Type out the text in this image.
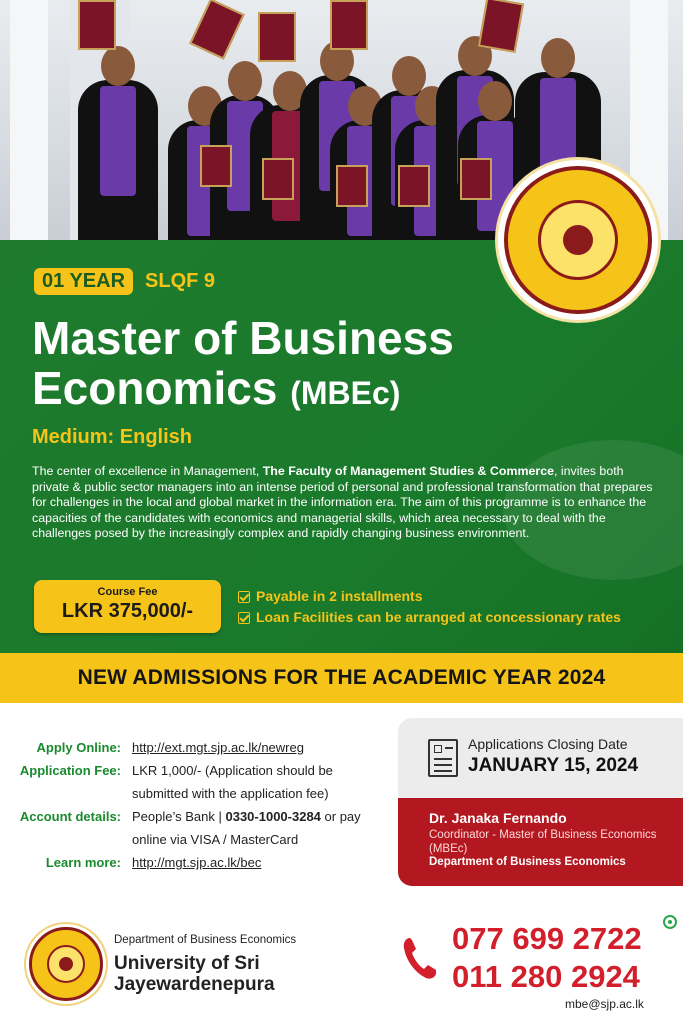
01 YEAR	SLQF 9
Master of Business
Economics (MBEc)
Medium: English
The center of excellence in Management, The Faculty of Management Studies & Commerce, invites both private & public sector managers into an intense period of personal and professional transformation that prepares for challenges in the local and global market in the information era. The aim of this programme is to enhance the capacities of the candidates with economics and managerial skills, which area necessary to deal with the challenges posed by the increasingly complex and rapidly changing business environment.
Course Fee
LKR 375,000/-
Payable in 2 installments
Loan Facilities can be arranged at concessionary rates
NEW ADMISSIONS FOR THE ACADEMIC YEAR 2024
Apply Online: http://ext.mgt.sjp.ac.lk/newreg
Application Fee: LKR 1,000/- (Application should be submitted with the application fee)
Account details: People’s Bank | 0330-1000-3284 or pay online via VISA / MasterCard
Learn more: http://mgt.sjp.ac.lk/bec
Applications Closing Date
JANUARY 15, 2024
Dr. Janaka Fernando
Coordinator - Master of Business Economics (MBEc)
Department of Business Economics
Department of Business Economics
University of Sri Jayewardenepura
077 699 2722
011 280 2924
mbe@sjp.ac.lk
